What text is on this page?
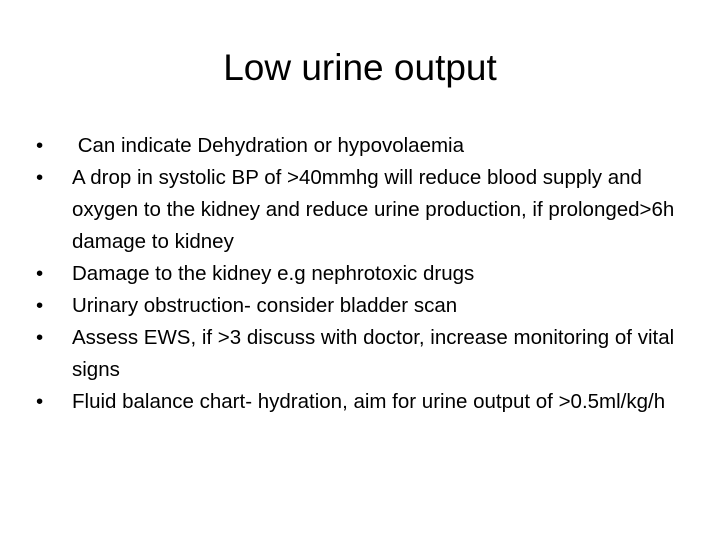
Low urine output
•	Can indicate Dehydration or hypovolaemia
•	A drop in systolic BP of >40mmhg will reduce blood supply and oxygen to the kidney and reduce urine production, if prolonged>6h damage to kidney
•	Damage to the kidney e.g nephrotoxic drugs
•	Urinary obstruction- consider bladder scan
•	Assess EWS, if >3 discuss with doctor, increase monitoring of vital signs
•	Fluid balance chart- hydration, aim for urine output of >0.5ml/kg/h
